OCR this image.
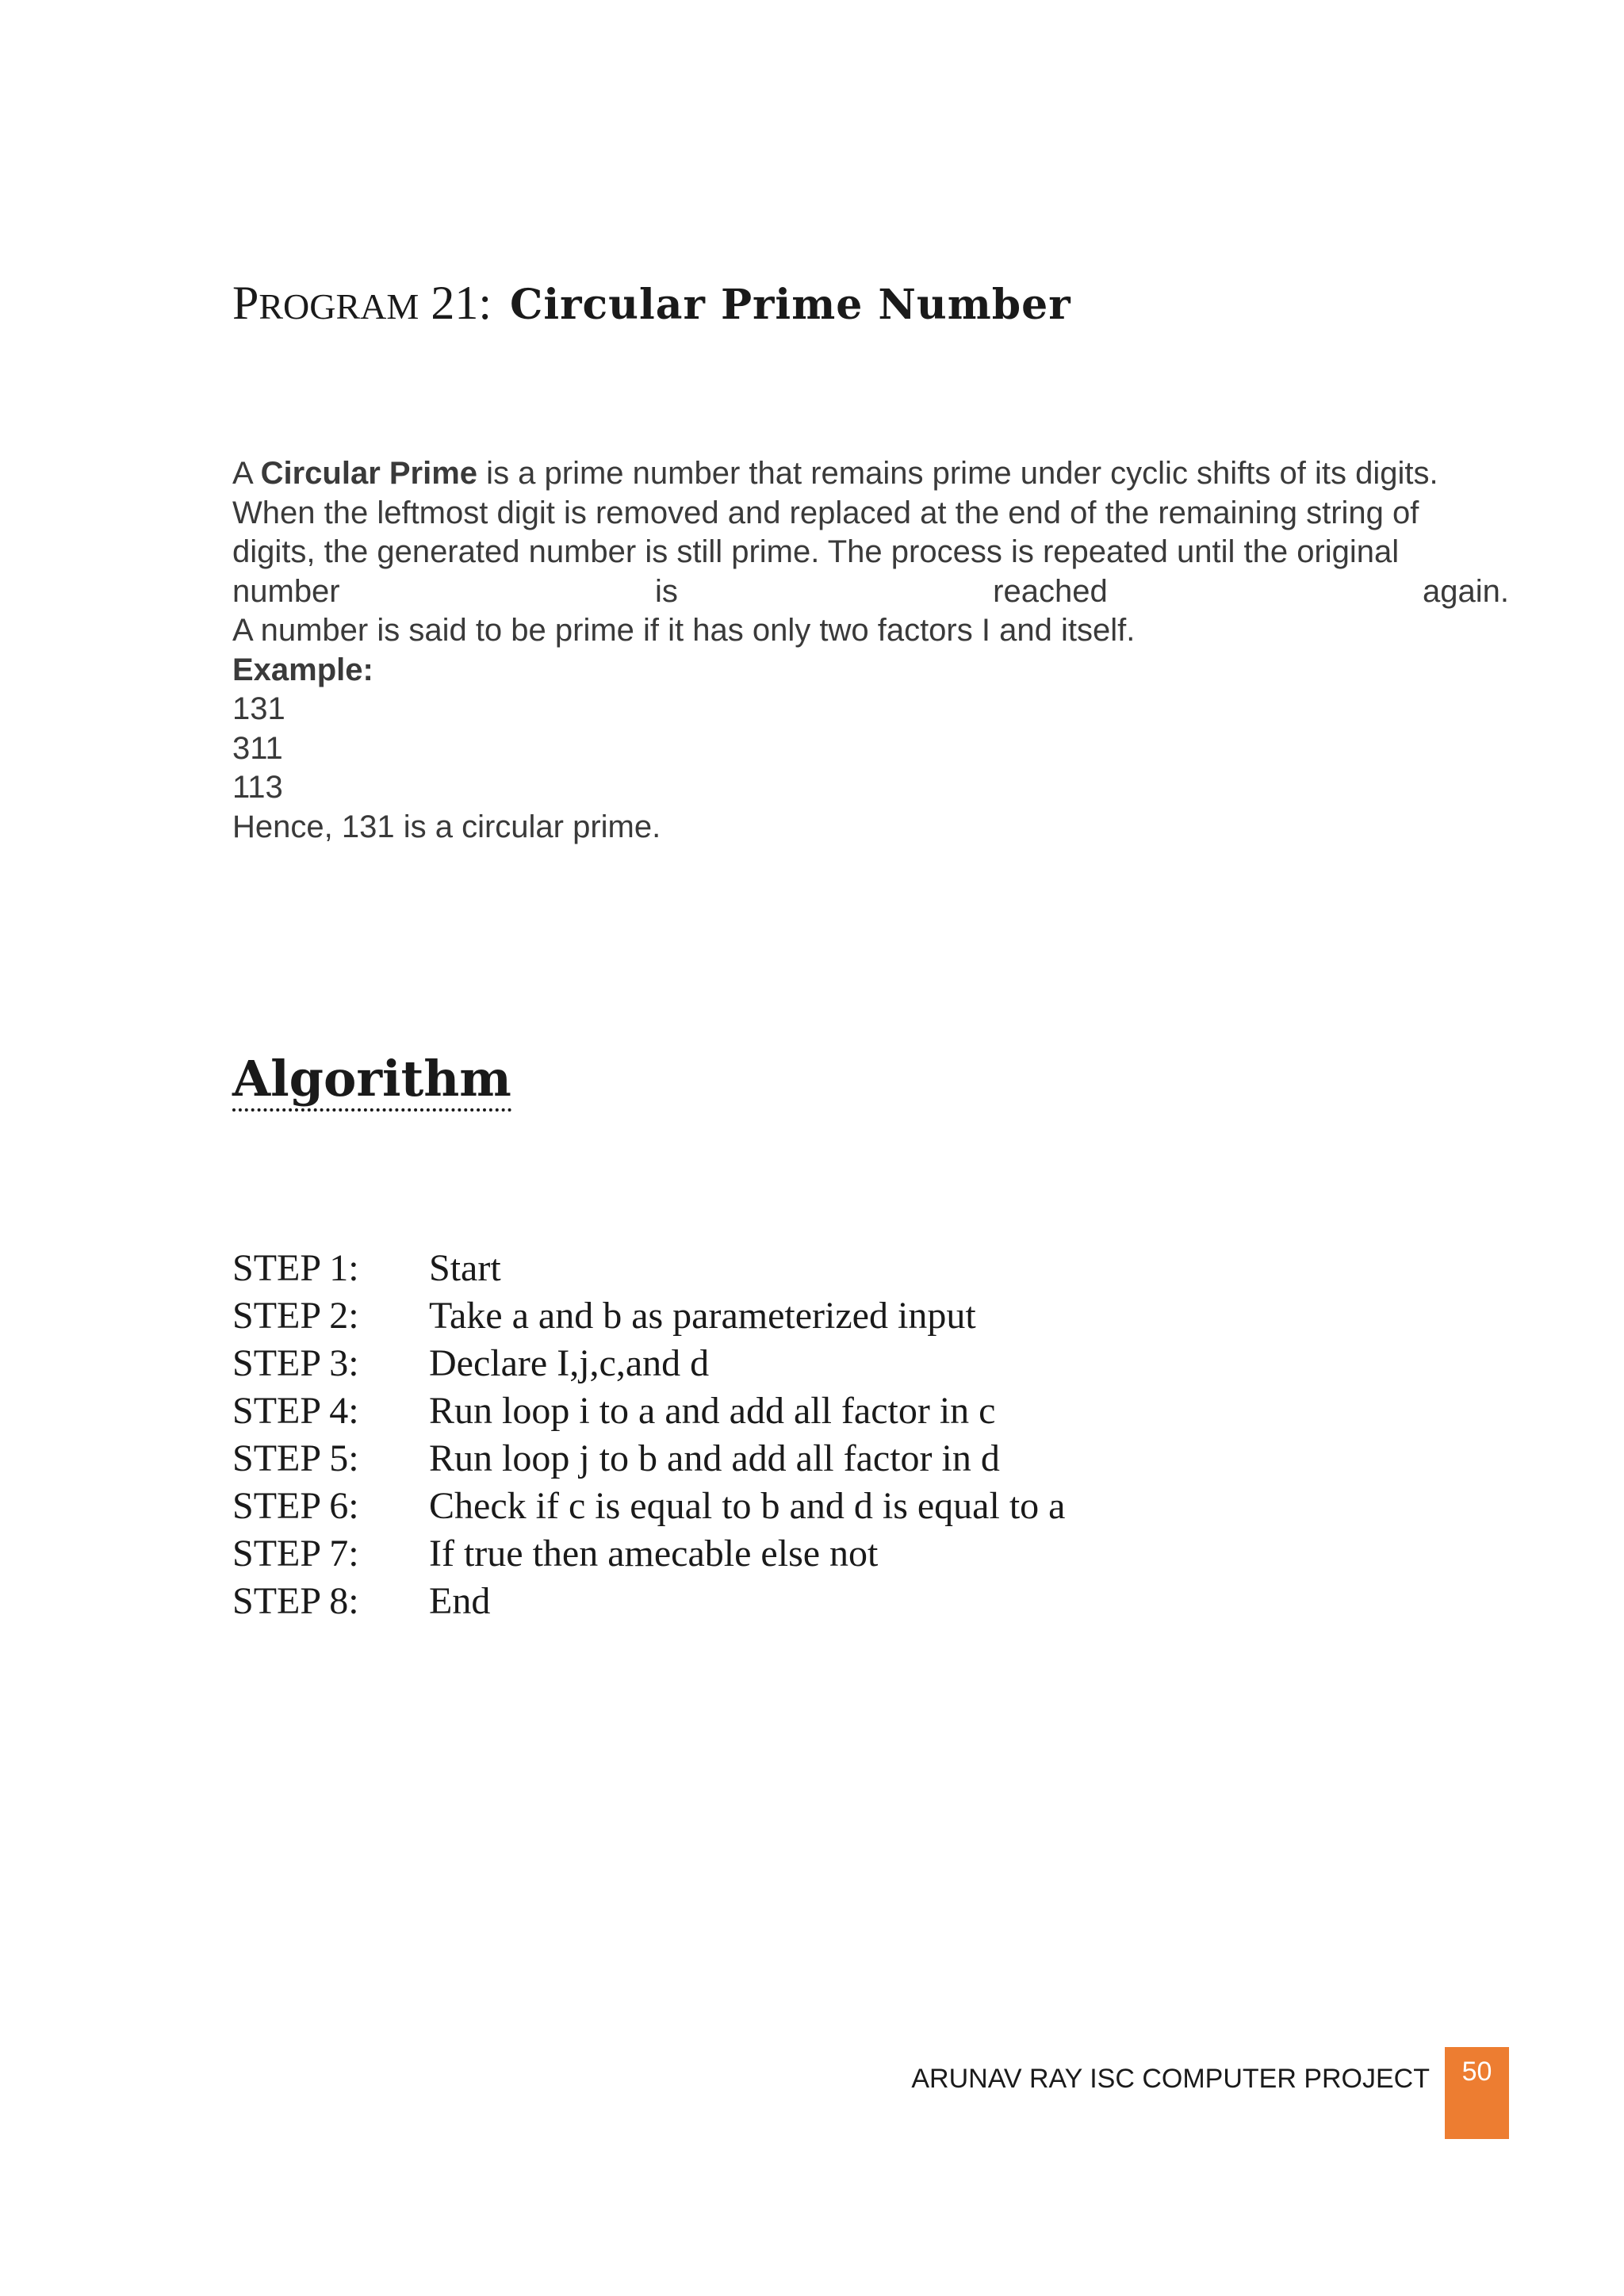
PROGRAM 21: Circular Prime Number
A Circular Prime is a prime number that remains prime under cyclic shifts of its digits.
When the leftmost digit is removed and replaced at the end of the remaining string of
digits, the generated number is still prime. The process is repeated until the original
number	is	reached	again.
A number is said to be prime if it has only two factors I and itself.
Example:
131
311
113
Hence, 131 is a circular prime.
Algorithm
STEP 1:	Start
STEP 2:	Take a and b as parameterized input
STEP 3:	Declare I,j,c,and d
STEP 4:	Run loop i to a and add all factor in c
STEP 5:	Run loop j to b and add all factor in d
STEP 6:	Check if c is equal to b and d is equal to a
STEP 7:	If true then amecable else not
STEP 8:	End
ARUNAV RAY ISC COMPUTER PROJECT	50
